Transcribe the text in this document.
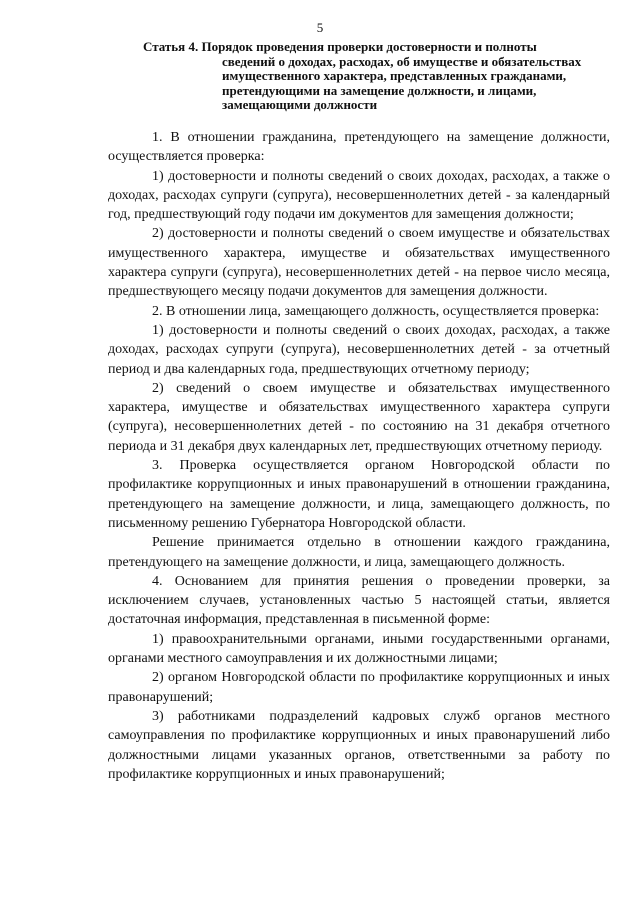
5
Статья 4. Порядок проведения проверки достоверности и полноты
сведений о доходах, расходах, об имуществе и обязательствах имущественного характера, представленных гражданами, претендующими на замещение должности, и лицами, замещающими должности

1. В отношении гражданина, претендующего на замещение должности, осуществляется проверка:

1) достоверности и полноты сведений о своих доходах, расходах, а также о доходах, расходах супруги (супруга), несовершеннолетних детей - за календарный год, предшествующий году подачи им документов для замещения должности;

2) достоверности и полноты сведений о своем имуществе и обязательствах имущественного характера, имуществе и обязательствах имущественного характера супруги (супруга), несовершеннолетних детей - на первое число месяца, предшествующего месяцу подачи документов для замещения должности.

2. В отношении лица, замещающего должность, осуществляется проверка:

1) достоверности и полноты сведений о своих доходах, расходах, а также доходах, расходах супруги (супруга), несовершеннолетних детей - за отчетный период и два календарных года, предшествующих отчетному периоду;

2) сведений о своем имуществе и обязательствах имущественного характера, имуществе и обязательствах имущественного характера супруги (супруга), несовершеннолетних детей - по состоянию на 31 декабря отчетного периода и 31 декабря двух календарных лет, предшествующих отчетному периоду.

3. Проверка осуществляется органом Новгородской области по профилактике коррупционных и иных правонарушений в отношении гражданина, претендующего на замещение должности, и лица, замещающего должность, по письменному решению Губернатора Новгородской области.

Решение принимается отдельно в отношении каждого гражданина, претендующего на замещение должности, и лица, замещающего должность.

4. Основанием для принятия решения о проведении проверки, за исключением случаев, установленных частью 5 настоящей статьи, является достаточная информация, представленная в письменной форме:

1) правоохранительными органами, иными государственными органами, органами местного самоуправления и их должностными лицами;

2) органом Новгородской области по профилактике коррупционных и иных правонарушений;

3) работниками подразделений кадровых служб органов местного самоуправления по профилактике коррупционных и иных правонарушений либо должностными лицами указанных органов, ответственными за работу по профилактике коррупционных и иных правонарушений;
